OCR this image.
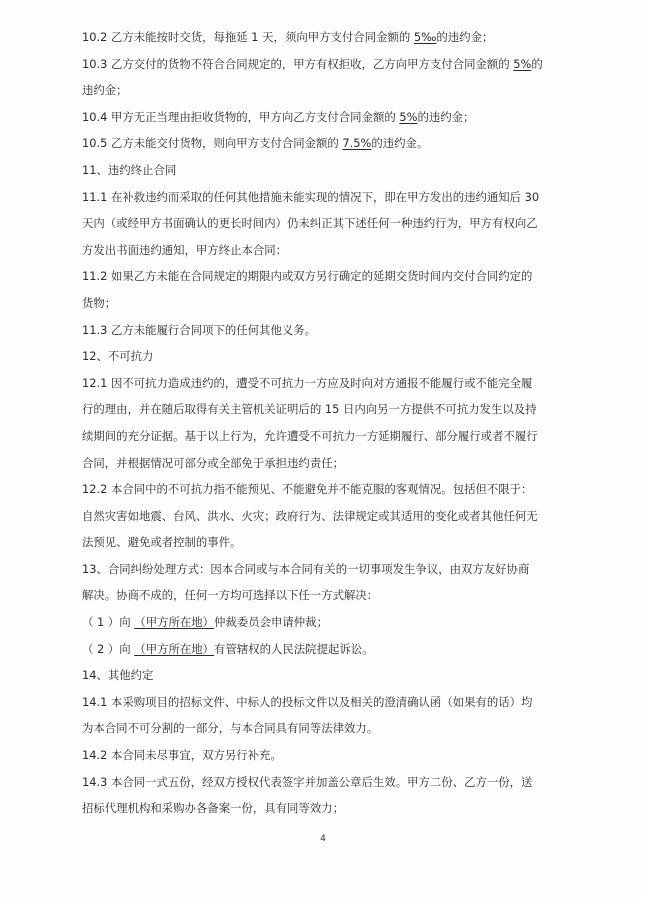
10.2 乙方未能按时交货，每拖延 1 天，须向甲方支付合同金额的 5‰的违约金；
10.3 乙方交付的货物不符合合同规定的，甲方有权拒收，乙方向甲方支付合同金额的 5%的
违约金；
10.4 甲方无正当理由拒收货物的，甲方向乙方支付合同金额的 5%的违约金；
10.5 乙方未能交付货物，则向甲方支付合同金额的 7.5%的违约金。
11、违约终止合同
11.1 在补救违约而采取的任何其他措施未能实现的情况下，即在甲方发出的违约通知后 30
天内（或经甲方书面确认的更长时间内）仍未纠正其下述任何一种违约行为，甲方有权向乙
方发出书面违约通知，甲方终止本合同：
11.2 如果乙方未能在合同规定的期限内或双方另行确定的延期交货时间内交付合同约定的
货物；
11.3 乙方未能履行合同项下的任何其他义务。
12、不可抗力
12.1 因不可抗力造成违约的，遭受不可抗力一方应及时向对方通报不能履行或不能完全履
行的理由，并在随后取得有关主管机关证明后的 15 日内向另一方提供不可抗力发生以及持
续期间的充分证据。基于以上行为，允许遭受不可抗力一方延期履行、部分履行或者不履行
合同，并根据情况可部分或全部免于承担违约责任；
12.2 本合同中的不可抗力指不能预见、不能避免并不能克服的客观情况。包括但不限于：
自然灾害如地震、台风、洪水、火灾；政府行为、法律规定或其适用的变化或者其他任何无
法预见、避免或者控制的事件。
13、合同纠纷处理方式：因本合同或与本合同有关的一切事项发生争议，由双方友好协商
解决。协商不成的，任何一方均可选择以下任一方式解决：
（ 1 ）向 （甲方所在地）仲裁委员会申请仲裁；
（ 2 ）向 （甲方所在地）有管辖权的人民法院提起诉讼。
14、其他约定
14.1 本采购项目的招标文件、中标人的投标文件以及相关的澄清确认函（如果有的话）均
为本合同不可分割的一部分，与本合同具有同等法律效力。
14.2 本合同未尽事宜，双方另行补充。
14.3 本合同一式五份，经双方授权代表签字并加盖公章后生效。甲方二份、乙方一份，送
招标代理机构和采购办各备案一份，具有同等效力；
4
